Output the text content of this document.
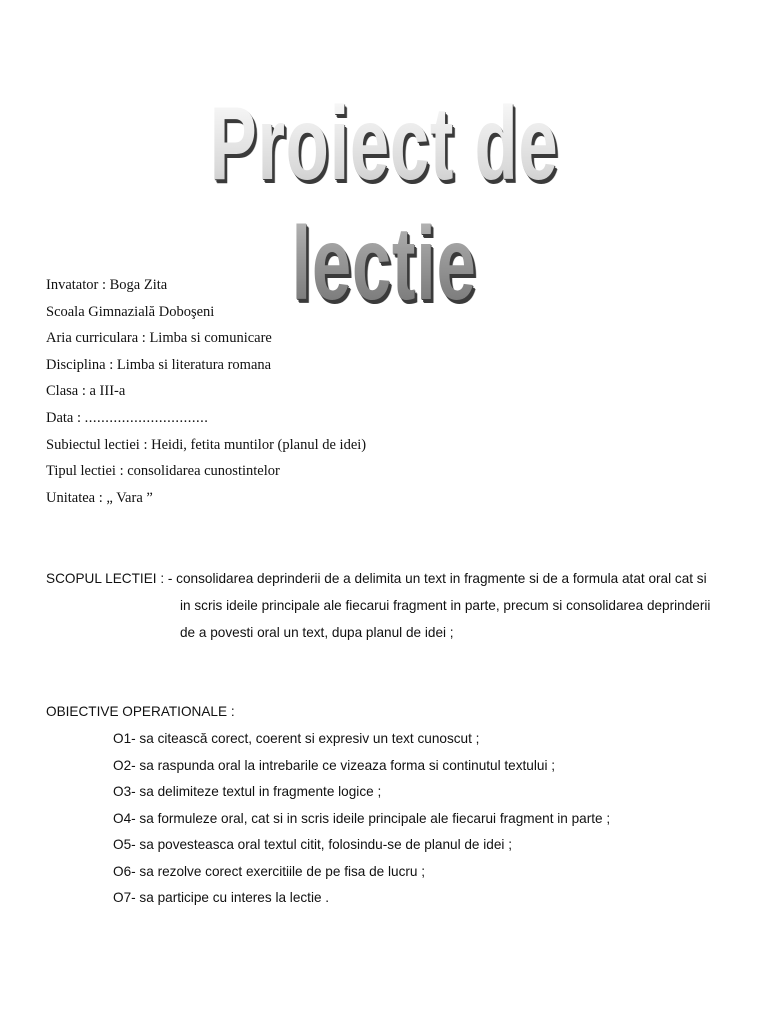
Proiect de lectie
Invatator : Boga Zita
Scoala Gimnazială Doboşeni
Aria curriculara : Limba si comunicare
Disciplina : Limba si literatura romana
Clasa : a III-a
Data : ..............................
Subiectul lectiei : Heidi, fetita muntilor (planul de idei)
Tipul lectiei : consolidarea cunostintelor
Unitatea : „ Vara ”
SCOPUL LECTIEI : - consolidarea deprinderii de a delimita un text in fragmente si de a formula atat oral cat si
in scris ideile principale ale fiecarui fragment in parte, precum si consolidarea deprinderii
de a povesti oral un text, dupa planul de idei ;
OBIECTIVE OPERATIONALE :
O1- sa citească corect, coerent si expresiv un text cunoscut ;
O2- sa raspunda oral la intrebarile ce vizeaza forma si continutul textului ;
O3- sa delimiteze textul in fragmente logice ;
O4- sa formuleze oral, cat si in scris ideile principale ale fiecarui fragment in parte ;
O5- sa povesteasca oral textul citit, folosindu-se de planul de idei ;
O6- sa rezolve corect exercitiile de pe fisa de lucru ;
O7- sa participe cu interes la lectie .
